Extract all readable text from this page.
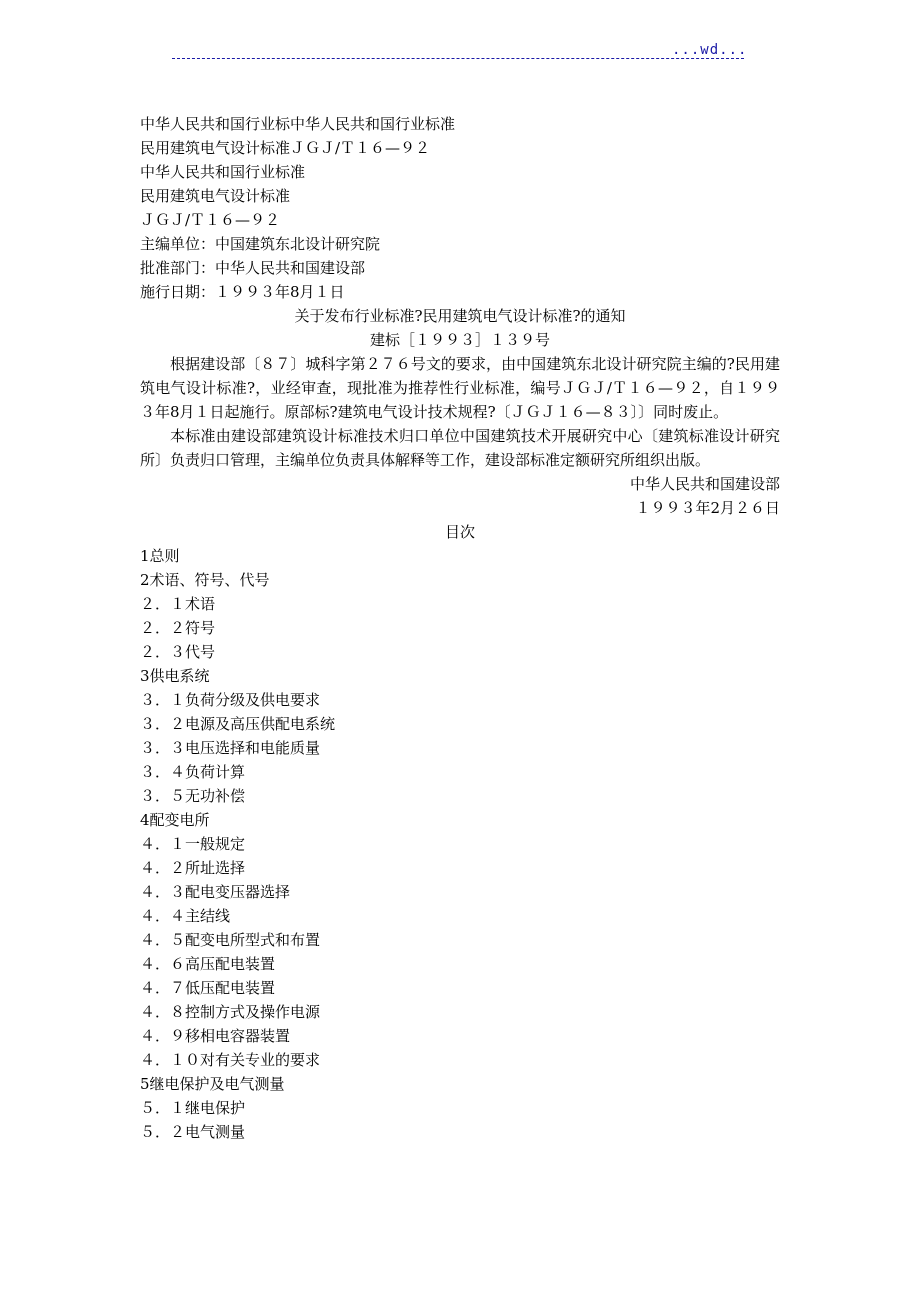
...wd...
中华人民共和国行业标中华人民共和国行业标准
民用建筑电气设计标准ＪＧＪ/Ｔ１６—９２
中华人民共和国行业标准
民用建筑电气设计标准
ＪＧＪ/Ｔ１６—９２
主编单位：中国建筑东北设计研究院
批准部门：中华人民共和国建设部
施行日期：１９９３年8月１日
关于发布行业标准?民用建筑电气设计标准?的通知
建标［１９９３］１３９号
根据建设部〔８７〕城科字第２７６号文的要求，由中国建筑东北设计研究院主编的?民用建筑电气设计标准?，业经审查，现批准为推荐性行业标准，编号ＪＧＪ/Ｔ１６—９２，自１９９３年8月１日起施行。原部标?建筑电气设计技术规程?〔ＪＧＪ１６—８３〕〕同时废止。
本标准由建设部建筑设计标准技术归口单位中国建筑技术开展研究中心〔建筑标准设计研究所〕负责归口管理，主编单位负责具体解释等工作，建设部标准定额研究所组织出版。
中华人民共和国建设部
１９９３年2月２６日
目次
1总则
2术语、符号、代号
２．１术语
２．２符号
２．３代号
3供电系统
３．１负荷分级及供电要求
３．２电源及高压供配电系统
３．３电压选择和电能质量
３．４负荷计算
３．５无功补偿
4配变电所
４．１一般规定
４．２所址选择
４．３配电变压器选择
４．４主结线
４．５配变电所型式和布置
４．６高压配电装置
４．７低压配电装置
４．８控制方式及操作电源
４．９移相电容器装置
４．１０对有关专业的要求
5继电保护及电气测量
５．１继电保护
５．２电气测量
